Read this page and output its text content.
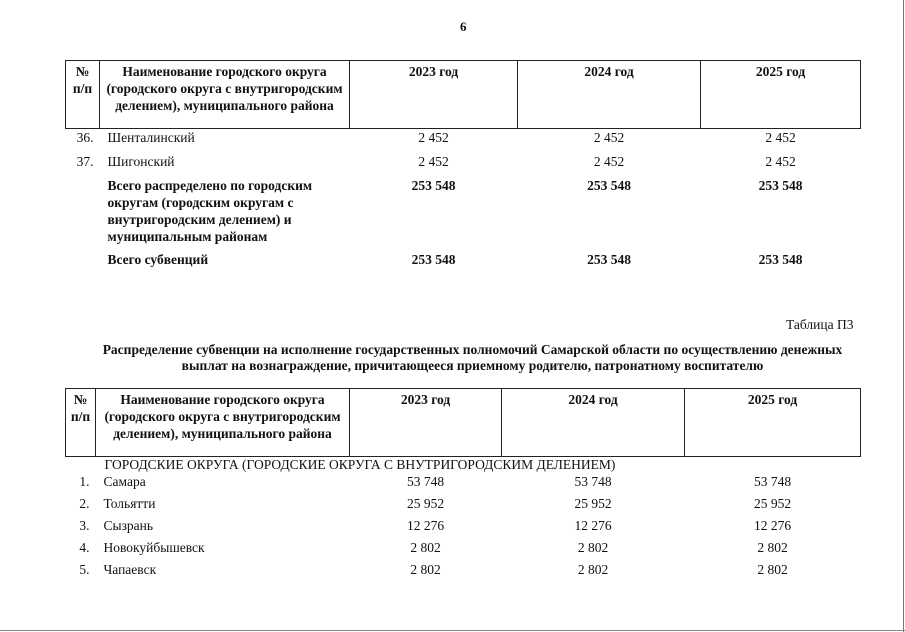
6
№
п/п	Наименование городского округа (городского округа с внутригородским делением), муниципального района	2023 год	2024 год	2025 год
36.	Шенталинский	2 452	2 452	2 452
37.	Шигонский	2 452	2 452	2 452
	Всего распределено по городским округам (городским округам с внутригородским делением) и муниципальным районам	253 548	253 548	253 548
	Всего субвенций	253 548	253 548	253 548
Таблица П3
Распределение субвенции на исполнение государственных полномочий Самарской области по осуществлению денежных выплат на вознаграждение, причитающееся приемному родителю, патронатному воспитателю
№
п/п	Наименование городского округа (городского округа с внутригородским делением), муниципального района	2023 год	2024 год	2025 год
ГОРОДСКИЕ ОКРУГА (ГОРОДСКИЕ ОКРУГА С ВНУТРИГОРОДСКИМ ДЕЛЕНИЕМ)				
1.	Самара	53 748	53 748	53 748
2.	Тольятти	25 952	25 952	25 952
3.	Сызрань	12 276	12 276	12 276
4.	Новокуйбышевск	2 802	2 802	2 802
5.	Чапаевск	2 802	2 802	2 802
